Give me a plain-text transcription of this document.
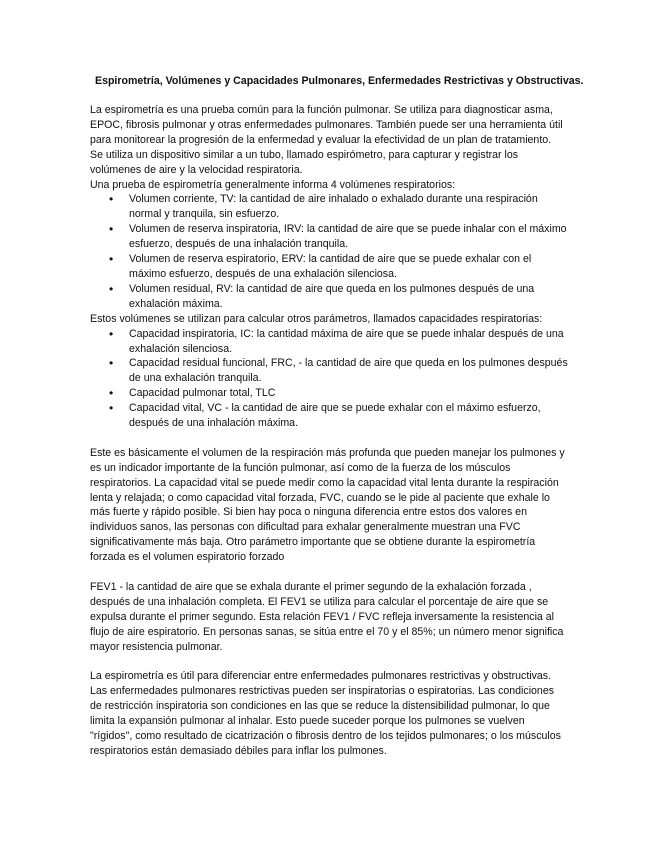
Espirometría, Volúmenes y Capacidades Pulmonares, Enfermedades Restrictivas y Obstructivas.

La espirometría es una prueba común para la función pulmonar. Se utiliza para diagnosticar asma, EPOC, fibrosis pulmonar y otras enfermedades pulmonares. También puede ser una herramienta útil para monitorear la progresión de la enfermedad y evaluar la efectividad de un plan de tratamiento.

Se utiliza un dispositivo similar a un tubo, llamado espirómetro, para capturar y registrar los volúmenes de aire y la velocidad respiratoria.

Una prueba de espirometría generalmente informa 4 volúmenes respiratorios:

• Volumen corriente, TV: la cantidad de aire inhalado o exhalado durante una respiración normal y tranquila, sin esfuerzo.
• Volumen de reserva inspiratoria, IRV: la cantidad de aire que se puede inhalar con el máximo esfuerzo, después de una inhalación tranquila.
• Volumen de reserva espiratorio, ERV: la cantidad de aire que se puede exhalar con el máximo esfuerzo, después de una exhalación silenciosa.
• Volumen residual, RV: la cantidad de aire que queda en los pulmones después de una exhalación máxima.

Estos volúmenes se utilizan para calcular otros parámetros, llamados capacidades respiratorias:

• Capacidad inspiratoria, IC: la cantidad máxima de aire que se puede inhalar después de una exhalación silenciosa.
• Capacidad residual funcional, FRC, - la cantidad de aire que queda en los pulmones después de una exhalación tranquila.
• Capacidad pulmonar total, TLC
• Capacidad vital, VC - la cantidad de aire que se puede exhalar con el máximo esfuerzo, después de una inhalación máxima.

Este es básicamente el volumen de la respiración más profunda que pueden manejar los pulmones y es un indicador importante de la función pulmonar, así como de la fuerza de los músculos respiratorios. La capacidad vital se puede medir como la capacidad vital lenta durante la respiración lenta y relajada; o como capacidad vital forzada, FVC, cuando se le pide al paciente que exhale lo más fuerte y rápido posible. Si bien hay poca o ninguna diferencia entre estos dos valores en individuos sanos, las personas con dificultad para exhalar generalmente muestran una FVC significativamente más baja. Otro parámetro importante que se obtiene durante la espirometría forzada es el volumen espiratorio forzado

FEV1 - la cantidad de aire que se exhala durante el primer segundo de la exhalación forzada , después de una inhalación completa. El FEV1 se utiliza para calcular el porcentaje de aire que se expulsa durante el primer segundo. Esta relación FEV1 / FVC refleja inversamente la resistencia al flujo de aire espiratorio. En personas sanas, se sitúa entre el 70 y el 85%; un número menor significa mayor resistencia pulmonar.

La espirometría es útil para diferenciar entre enfermedades pulmonares restrictivas y obstructivas. Las enfermedades pulmonares restrictivas pueden ser inspiratorias o espiratorias. Las condiciones de restricción inspiratoria son condiciones en las que se reduce la distensibilidad pulmonar, lo que limita la expansión pulmonar al inhalar. Esto puede suceder porque los pulmones se vuelven "rígidos", como resultado de cicatrización o fibrosis dentro de los tejidos pulmonares; o los músculos respiratorios están demasiado débiles para inflar los pulmones.
